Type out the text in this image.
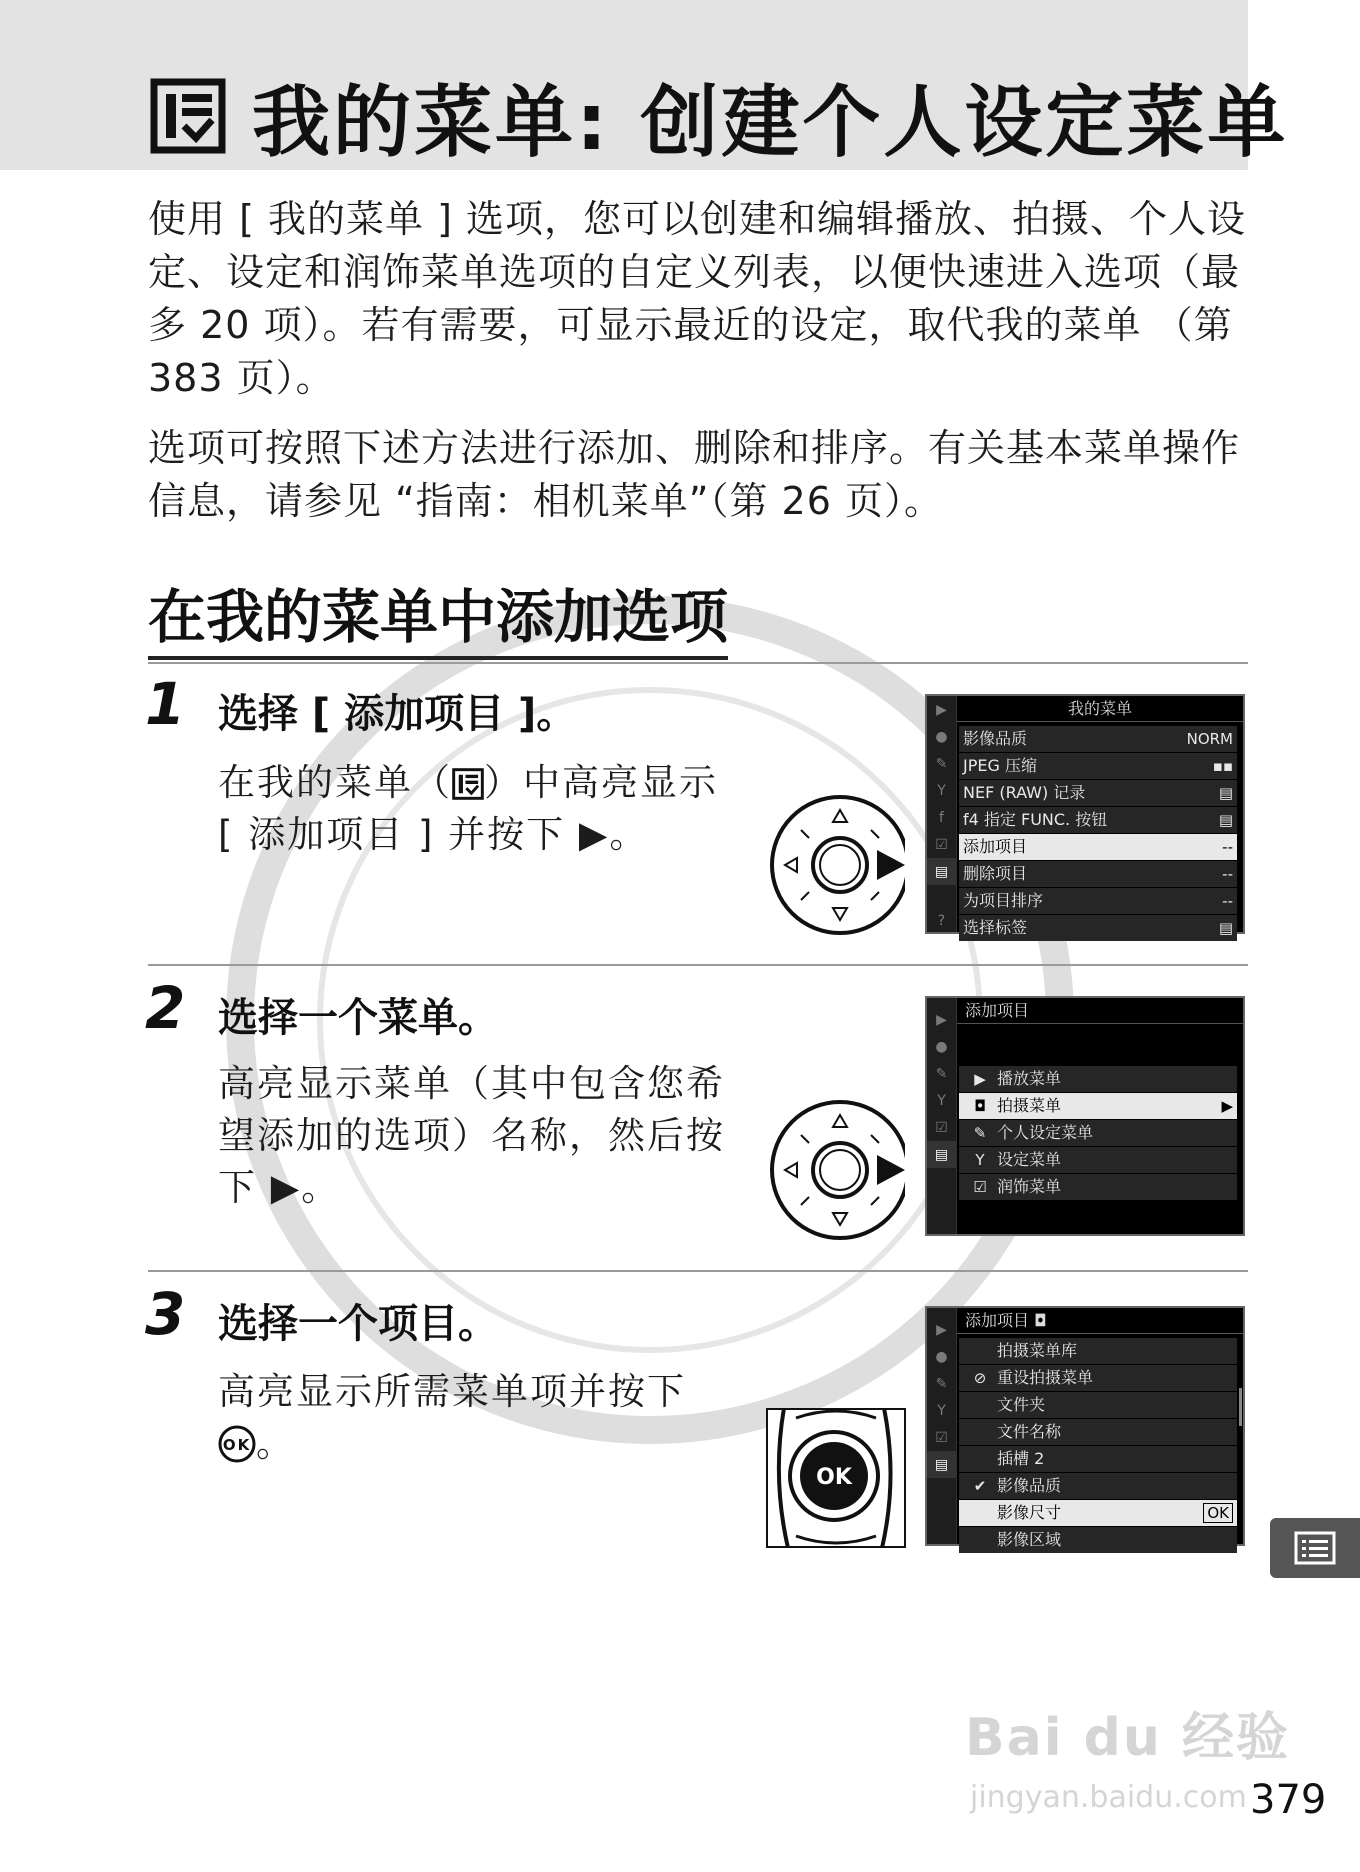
我的菜单: 创建个人设定菜单

使用 [ 我的菜单 ] 选项，您可以创建和编辑播放、拍摄、个人设定、设定和润饰菜单选项的自定义列表，以便快速进入选项（最多 20 项）。若有需要，可显示最近的设定，取代我的菜单 （第 383 页）。

选项可按照下述方法进行添加、删除和排序。有关基本菜单操作信息，请参见 “指南：相机菜单”（第 26 页）。

在我的菜单中添加选项
1 选择 [ 添加项目 ]。
在我的菜单（ ）中高亮显示 [ 添加项目 ] 并按下 ▶。
▶
●
✎
Y
f
☑
▤
?
我的菜单
影像品质	NORM
JPEG 压缩	▪▪
NEF (RAW) 记录	▤
f4 指定 FUNC. 按钮	▤
添加项目	--
删除项目	--
为项目排序	--
选择标签	▤
2 选择一个菜单。
高亮显示菜单（其中包含您希望添加的选项）名称，然后按下 ▶。
▶
●
✎
Y
☑
▤
添加项目
▶ 播放菜单
◘ 拍摄菜单	▶
✎ 个人设定菜单
Y 设定菜单
☑ 润饰菜单
3 选择一个项目。
高亮显示所需菜单项并按下

OK 。
OK
▶
●
✎
Y
☑
▤
添加项目 ◘
拍摄菜单库
⊘ 重设拍摄菜单
文件夹
文件名称
插槽 2
✔ 影像品质
影像尺寸	OK
影像区域
Bai du 经验
jingyan.baidu.com 379
